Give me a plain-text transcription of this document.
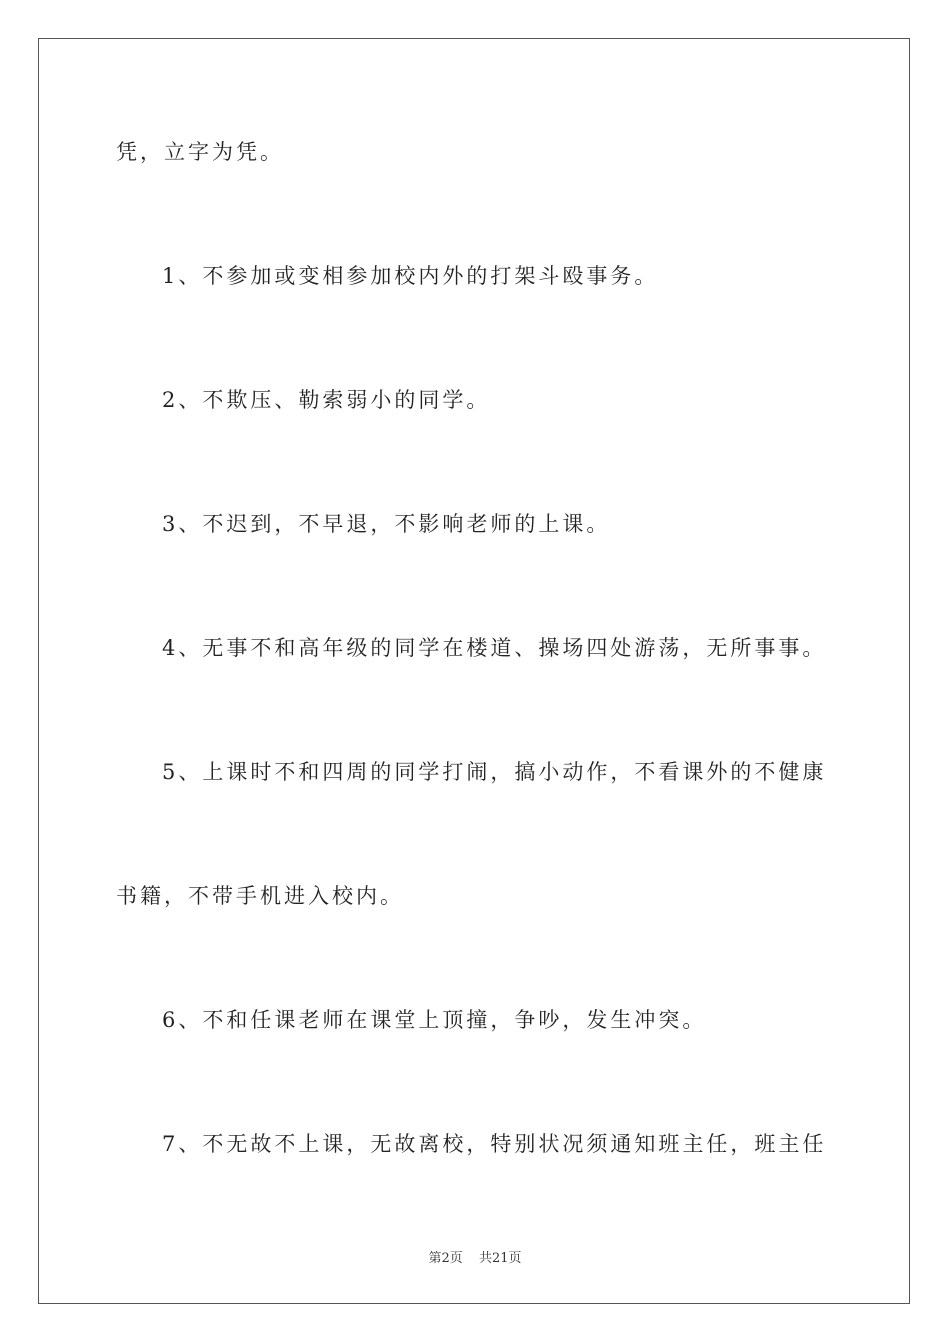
凭，立字为凭。
1、不参加或变相参加校内外的打架斗殴事务。
2、不欺压、勒索弱小的同学。
3、不迟到，不早退，不影响老师的上课。
4、无事不和高年级的同学在楼道、操场四处游荡，无所事事。
5、上课时不和四周的同学打闹，搞小动作，不看课外的不健康
书籍，不带手机进入校内。
6、不和任课老师在课堂上顶撞，争吵，发生冲突。
7、不无故不上课，无故离校，特别状况须通知班主任，班主任
第2页 共21页
